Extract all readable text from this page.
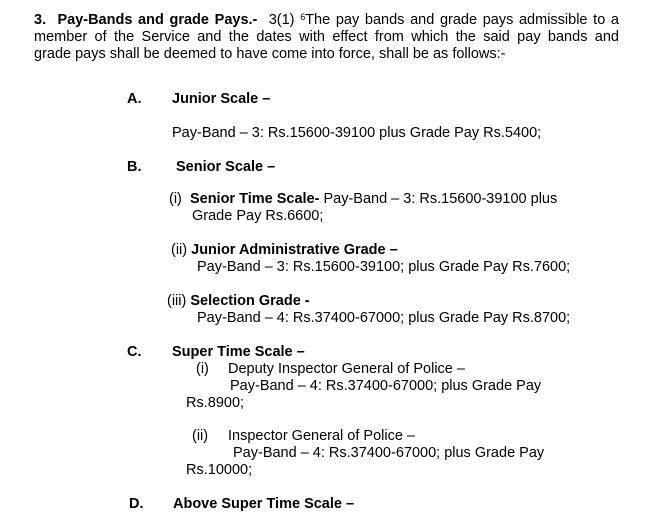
3. Pay-Bands and grade Pays.- 3(1) $^6$The pay bands and grade pays admissible to a
member of the Service and the dates with effect from which the said pay bands and
grade pays shall be deemed to have come into force, shall be as follows:-
A. Junior Scale –
Pay-Band – 3: Rs.15600-39100 plus Grade Pay Rs.5400;
B. Senior Scale –
(i) Senior Time Scale- Pay-Band – 3: Rs.15600-39100 plus
Grade Pay Rs.6600;
(ii) Junior Administrative Grade –
Pay-Band – 3: Rs.15600-39100; plus Grade Pay Rs.7600;
(iii) Selection Grade -
Pay-Band – 4: Rs.37400-67000; plus Grade Pay Rs.8700;
C. Super Time Scale –
(i) Deputy Inspector General of Police –
Pay-Band – 4: Rs.37400-67000; plus Grade Pay
Rs.8900;
(ii) Inspector General of Police –
Pay-Band – 4: Rs.37400-67000; plus Grade Pay
Rs.10000;
D. Above Super Time Scale –
